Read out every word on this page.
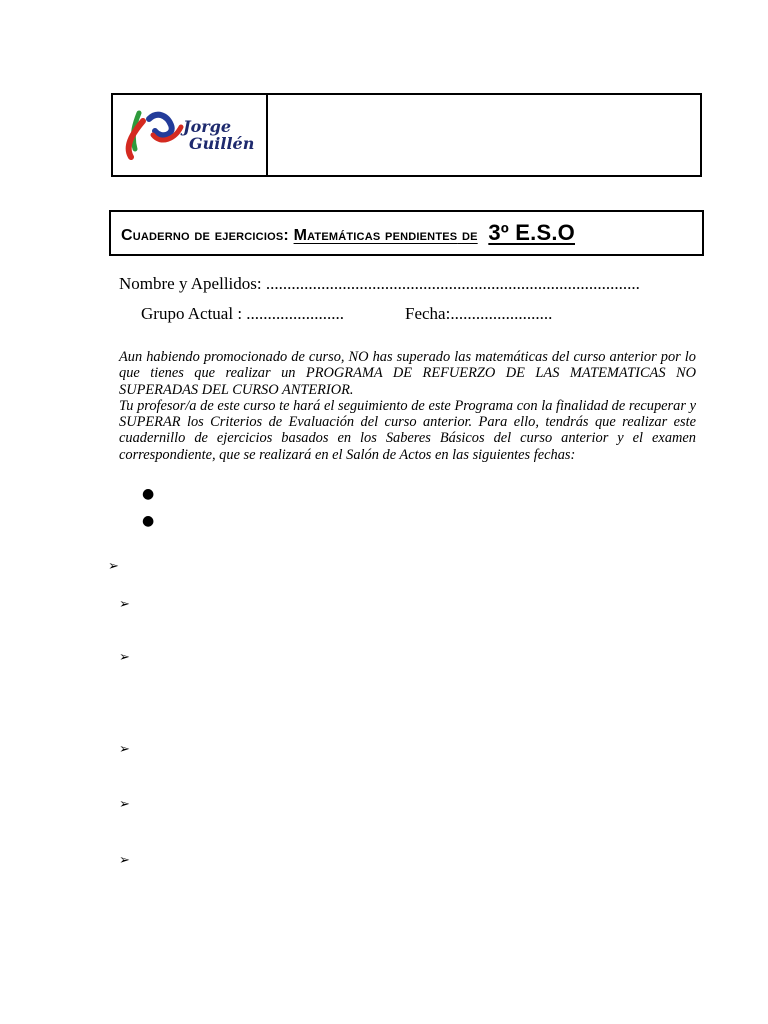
Jorge
Guillén
Cuaderno de ejercicios: Matemáticas pendientes de 3º E.S.O
Nombre y Apellidos: ........................................................................................
Grupo Actual : .......................	Fecha:........................

Aun habiendo promocionado de curso, NO has superado las matemáticas del curso anterior por lo que tienes que realizar un PROGRAMA DE REFUERZO DE LAS MATEMATICAS NO SUPERADAS DEL CURSO ANTERIOR.

Tu profesor/a de este curso te hará el seguimiento de este Programa con la finalidad de recuperar y SUPERAR los Criterios de Evaluación del curso anterior. Para ello, tendrás que realizar este cuadernillo de ejercicios basados en los Saberes Básicos del curso anterior y el examen correspondiente, que se realizará en el Salón de Actos en las siguientes fechas:

●
●
➢
➢
➢
➢
➢
➢
